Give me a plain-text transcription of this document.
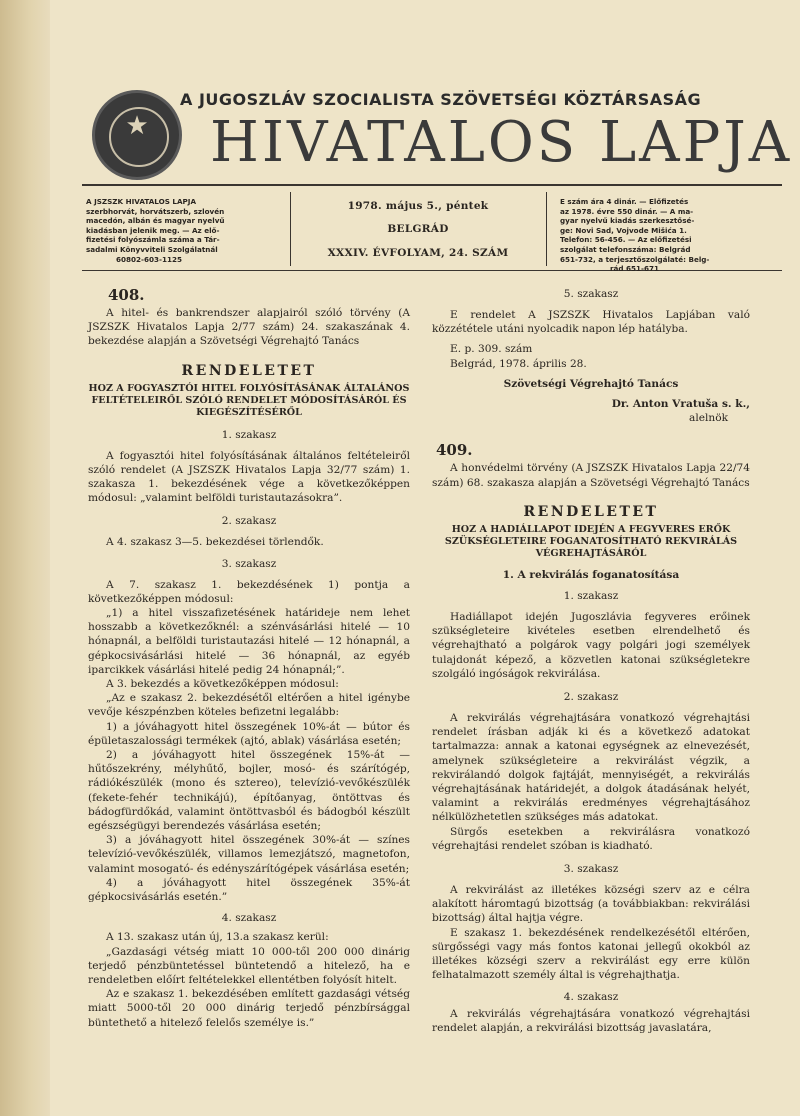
★
A JUGOSZLÁV SZOCIALISTA SZÖVETSÉGI KÖZTÁRSASÁG
HIVATALOS LAPJA
A JSZSZK HIVATALOS LAPJA
szerbhorvát, horvátszerb, szlovén
macedón, albán és magyar nyelvű
kiadásban jelenik meg. — Az elő-
fizetési folyószámla száma a Tár-
sadalmi Könyvviteli Szolgálatnál
60802-603-1125
1978. május 5., péntek
BELGRÁD
XXXIV. ÉVFOLYAM, 24. SZÁM
E szám ára 4 dinár. — Előfizetés
az 1978. évre 550 dinár. — A ma-
gyar nyelvű kiadás szerkesztősé-
ge: Novi Sad, Vojvode Mišića 1.
Telefon: 56-456. — Az előfizetési
szolgálat telefonszáma: Belgrád
651-732, a terjesztőszolgálaté: Belg-
rád 651-671
408.

A hitel- és bankrendszer alapjairól szóló törvény (A JSZSZK Hivatalos Lapja 2/77 szám) 24. szakaszának 4. bekezdése alapján a Szövetségi Végrehajtó Tanács

RENDELETET

HOZ A FOGYASZTÓI HITEL FOLYÓSÍTÁSÁNAK ÁLTALÁNOS FELTÉTELEIRŐL SZÓLÓ RENDELET MÓDOSÍTÁSÁRÓL ÉS KIEGÉSZÍTÉSÉRŐL

1. szakasz

A fogyasztói hitel folyósításának általános feltételeiről szóló rendelet (A JSZSZK Hivatalos Lapja 32/77 szám) 1. szakasza 1. bekezdésének vége a következőképpen módosul: „valamint belföldi turistautazásokra”.

2. szakasz

A 4. szakasz 3—5. bekezdései törlendők.

3. szakasz

A 7. szakasz 1. bekezdésének 1) pontja a következőképpen módosul:

„1) a hitel visszafizetésének határideje nem lehet hosszabb a következőknél: a szénvásárlási hitelé — 10 hónapnál, a belföldi turistautazási hitelé — 12 hónapnál, a gépkocsivásárlási hitelé — 36 hónapnál, az egyéb iparcikkek vásárlási hitelé pedig 24 hónapnál;”.

A 3. bekezdés a következőképpen módosul:

„Az e szakasz 2. bekezdésétől eltérően a hitel igénybe vevője készpénzben köteles befizetni legalább:

1) a jóváhagyott hitel összegének 10%-át — bútor és épületaszalossági termékek (ajtó, ablak) vásárlása esetén;

2) a jóváhagyott hitel összegének 15%-át — hűtőszekrény, mélyhűtő, bojler, mosó- és szárítógép, rádiókészülék (mono és sztereo), televízió-vevőkészülék (fekete-fehér technikájú), építőanyag, öntöttvas és bádogfürdőkád, valamint öntöttvasból és bádogból készült egészségügyi berendezés vásárlása esetén;

3) a jóváhagyott hitel összegének 30%-át — színes televízió-vevőkészülék, villamos lemezjátszó, magnetofon, valamint mosogató- és edényszárítógépek vásárlása esetén;

4) a jóváhagyott hitel összegének 35%-át gépkocsivásárlás esetén.”

4. szakasz

A 13. szakasz után új, 13.a szakasz kerül:

„Gazdasági vétség miatt 10 000-től 200 000 dinárig terjedő pénzbüntetéssel büntetendő a hitelező, ha e rendeletben előírt feltételekkel ellentétben folyósít hitelt.

Az e szakasz 1. bekezdésében említett gazdasági vétség miatt 5000-től 20 000 dinárig terjedő pénzbírsággal büntethető a hitelező felelős személye is.”

5. szakasz

E rendelet A JSZSZK Hivatalos Lapjában való közzététele utáni nyolcadik napon lép hatályba.

E. p. 309. szám

Belgrád, 1978. április 28.

Szövetségi Végrehajtó Tanács

Dr. Anton Vratuša s. k.,

alelnök

409.

A honvédelmi törvény (A JSZSZK Hivatalos Lapja 22/74 szám) 68. szakasza alapján a Szövetségi Végrehajtó Tanács

RENDELETET

HOZ A HADIÁLLAPOT IDEJÉN A FEGYVERES ERŐK SZÜKSÉGLETEIRE FOGANATOSÍTHATÓ REKVIRÁLÁS VÉGREHAJTÁSÁRÓL

1. A rekvirálás foganatosítása
1. szakasz

Hadiállapot idején Jugoszlávia fegyveres erőinek szükségleteire kivételes esetben elrendelhető és végrehajtható a polgárok vagy polgári jogi személyek tulajdonát képező, a közvetlen katonai szükségletekre szolgáló ingóságok rekvirálása.

2. szakasz

A rekvirálás végrehajtására vonatkozó végrehajtási rendelet írásban adják ki és a következő adatokat tartalmazza: annak a katonai egységnek az elnevezését, amelynek szükségleteire a rekvirálást végzik, a rekvirálandó dolgok fajtáját, mennyiségét, a rekvirálás végrehajtásának határidejét, a dolgok átadásának helyét, valamint a rekvirálás eredményes végrehajtásához nélkülözhetetlen szükséges más adatokat.

Sürgős esetekben a rekvirálásra vonatkozó végrehajtási rendelet szóban is kiadható.

3. szakasz

A rekvirálást az illetékes községi szerv az e célra alakított háromtagú bizottság (a továbbiakban: rekvirálási bizottság) által hajtja végre.

E szakasz 1. bekezdésének rendelkezésétől eltérően, sürgősségi vagy más fontos katonai jellegű okokból az illetékes községi szerv a rekvirálást egy erre külön felhatalmazott személy által is végrehajthatja.

4. szakasz

A rekvirálás végrehajtására vonatkozó végrehajtási rendelet alapján, a rekvirálási bizottság javaslatára,
